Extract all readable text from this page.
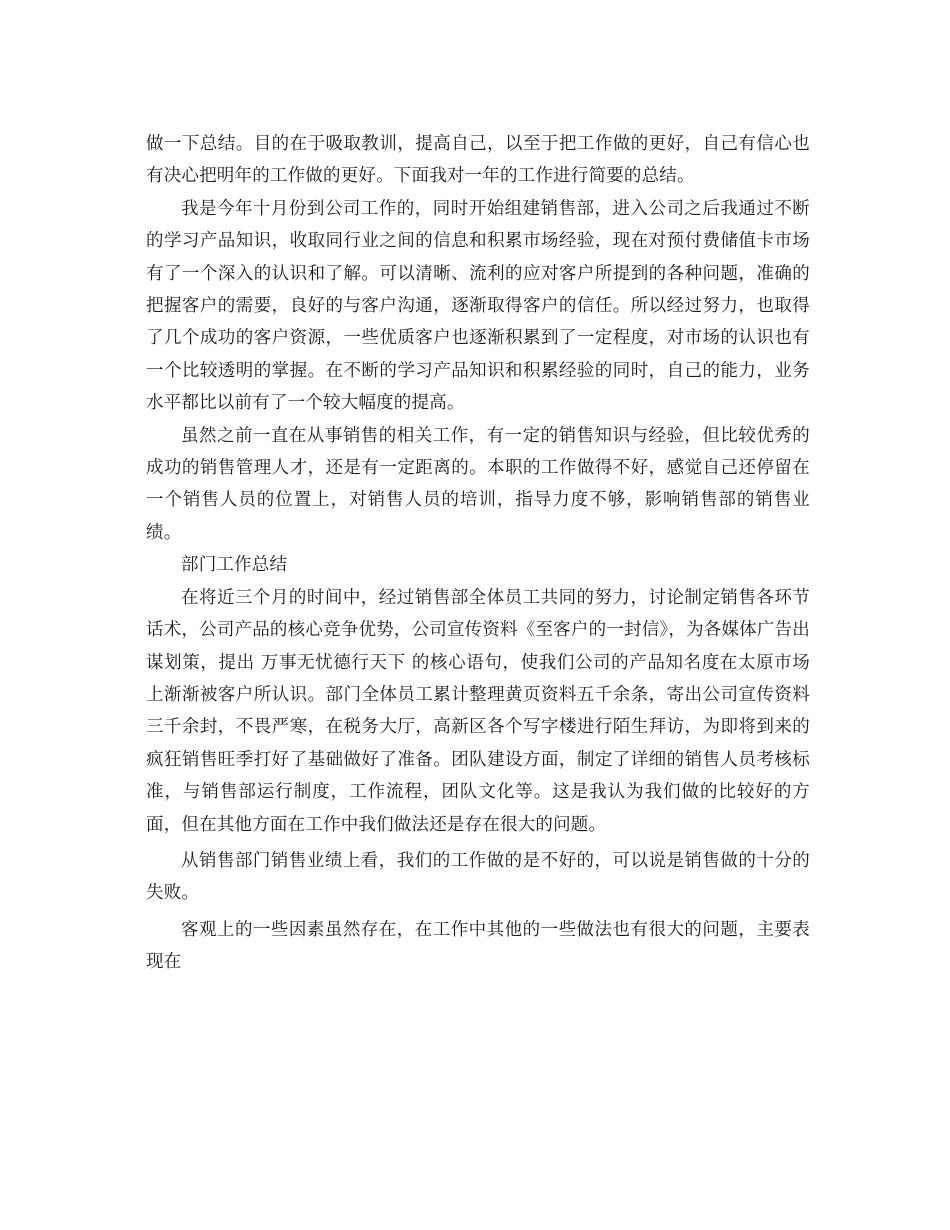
做一下总结。目的在于吸取教训，提高自己，以至于把工作做的更好，自己有信心也有决心把明年的工作做的更好。下面我对一年的工作进行简要的总结。

我是今年十月份到公司工作的，同时开始组建销售部，进入公司之后我通过不断的学习产品知识，收取同行业之间的信息和积累市场经验，现在对预付费储值卡市场有了一个深入的认识和了解。可以清晰、流利的应对客户所提到的各种问题，准确的把握客户的需要，良好的与客户沟通，逐渐取得客户的信任。所以经过努力，也取得了几个成功的客户资源，一些优质客户也逐渐积累到了一定程度，对市场的认识也有一个比较透明的掌握。在不断的学习产品知识和积累经验的同时，自己的能力，业务水平都比以前有了一个较大幅度的提高。

虽然之前一直在从事销售的相关工作，有一定的销售知识与经验，但比较优秀的成功的销售管理人才，还是有一定距离的。本职的工作做得不好，感觉自己还停留在一个销售人员的位置上，对销售人员的培训，指导力度不够，影响销售部的销售业绩。

部门工作总结

在将近三个月的时间中，经过销售部全体员工共同的努力，讨论制定销售各环节话术，公司产品的核心竞争优势，公司宣传资料《至客户的一封信》，为各媒体广告出谋划策，提出 万事无忧德行天下 的核心语句，使我们公司的产品知名度在太原市场上渐渐被客户所认识。部门全体员工累计整理黄页资料五千余条，寄出公司宣传资料三千余封，不畏严寒，在税务大厅，高新区各个写字楼进行陌生拜访，为即将到来的疯狂销售旺季打好了基础做好了准备。团队建设方面，制定了详细的销售人员考核标准，与销售部运行制度，工作流程，团队文化等。这是我认为我们做的比较好的方面，但在其他方面在工作中我们做法还是存在很大的问题。

从销售部门销售业绩上看，我们的工作做的是不好的，可以说是销售做的十分的失败。

客观上的一些因素虽然存在，在工作中其他的一些做法也有很大的问题，主要表现在
